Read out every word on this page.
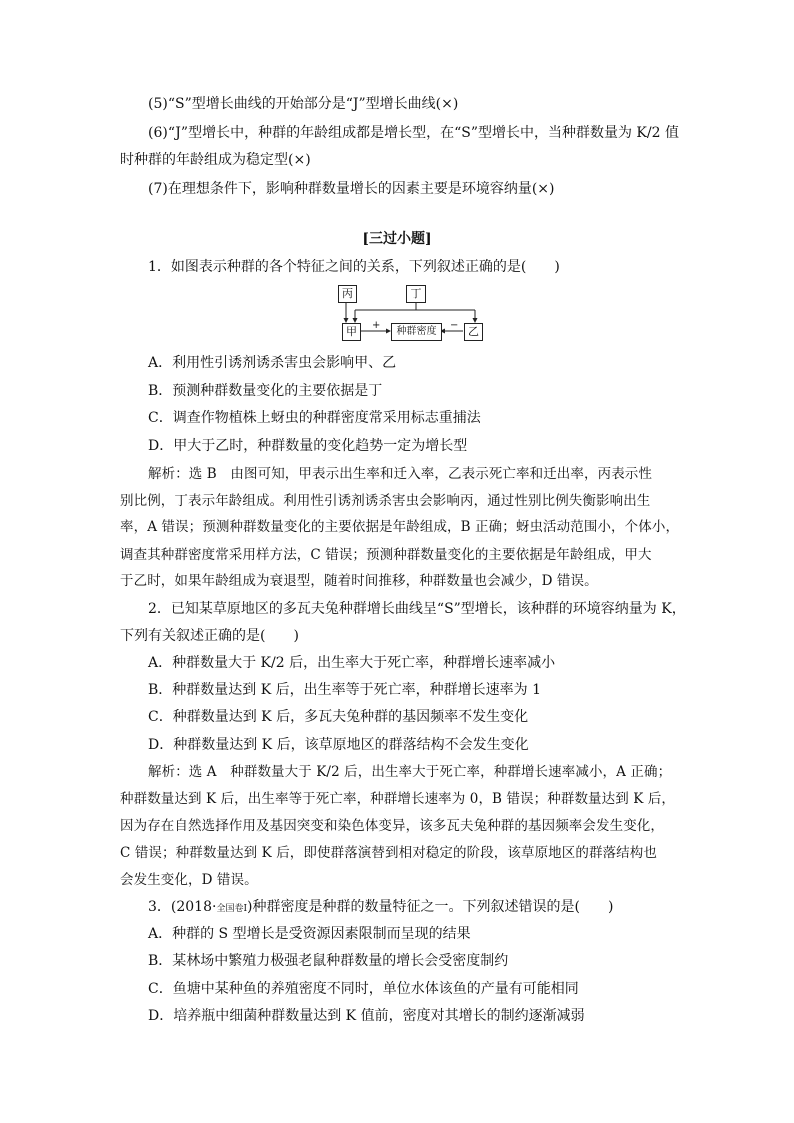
(5)“S”型增长曲线的开始部分是“J”型增长曲线(×)
(6)“J”型增长中，种群的年龄组成都是增长型，在“S”型增长中，当种群数量为 K/2 值
时种群的年龄组成为稳定型(×)
(7)在理想条件下，影响种群数量增长的因素主要是环境容纳量(×)
[三过小题]
1．如图表示种群的各个特征之间的关系，下列叙述正确的是(　　)
丙	丁
甲	种群密度	乙
+	−
A．利用性引诱剂诱杀害虫会影响甲、乙
B．预测种群数量变化的主要依据是丁
C．调查作物植株上蚜虫的种群密度常采用标志重捕法
D．甲大于乙时，种群数量的变化趋势一定为增长型
解析：选 B　由图可知，甲表示出生率和迁入率，乙表示死亡率和迁出率，丙表示性
别比例，丁表示年龄组成。利用性引诱剂诱杀害虫会影响丙，通过性别比例失衡影响出生
率，A 错误；预测种群数量变化的主要依据是年龄组成，B 正确；蚜虫活动范围小，个体小，
调查其种群密度常采用样方法，C 错误；预测种群数量变化的主要依据是年龄组成，甲大
于乙时，如果年龄组成为衰退型，随着时间推移，种群数量也会减少，D 错误。
2．已知某草原地区的多瓦夫兔种群增长曲线呈“S”型增长，该种群的环境容纳量为 K，
下列有关叙述正确的是(　　)
A．种群数量大于 K/2 后，出生率大于死亡率，种群增长速率减小
B．种群数量达到 K 后，出生率等于死亡率，种群增长速率为 1
C．种群数量达到 K 后，多瓦夫兔种群的基因频率不发生变化
D．种群数量达到 K 后，该草原地区的群落结构不会发生变化
解析：选 A　种群数量大于 K/2 后，出生率大于死亡率，种群增长速率减小，A 正确；
种群数量达到 K 后，出生率等于死亡率，种群增长速率为 0，B 错误；种群数量达到 K 后，
因为存在自然选择作用及基因突变和染色体变异，该多瓦夫兔种群的基因频率会发生变化，
C 错误；种群数量达到 K 后，即使群落演替到相对稳定的阶段，该草原地区的群落结构也
会发生变化，D 错误。
3．(2018·全国卷Ⅰ)种群密度是种群的数量特征之一。下列叙述错误的是(　　)
A．种群的 S 型增长是受资源因素限制而呈现的结果
B．某林场中繁殖力极强老鼠种群数量的增长会受密度制约
C．鱼塘中某种鱼的养殖密度不同时，单位水体该鱼的产量有可能相同
D．培养瓶中细菌种群数量达到 K 值前，密度对其增长的制约逐渐减弱
